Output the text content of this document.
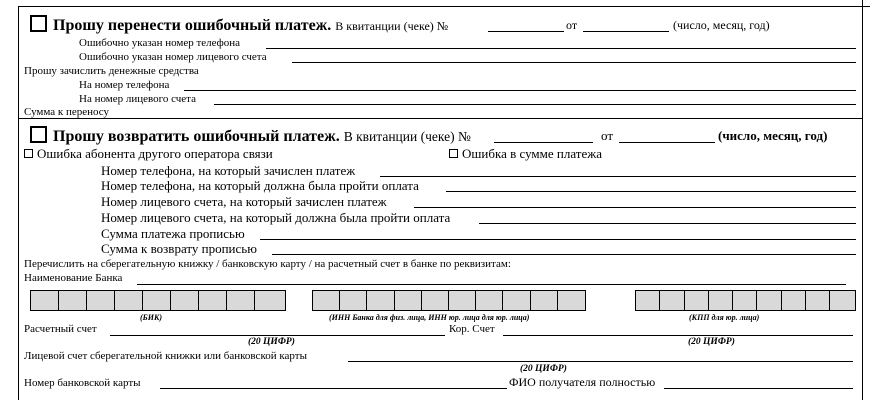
Прошу перенести ошибочный платеж. В квитанции (чеке) №	от	(число, месяц, год)
Ошибочно указан номер телефона
Ошибочно указан номер лицевого счета
Прошу зачислить денежные средства
На номер телефона
На номер лицевого счета
Сумма к переносу
Прошу возвратить ошибочный платеж. В квитанции (чеке) №	от	(число, месяц, год)
Ошибка абонента другого оператора связи	Ошибка в сумме платежа
Номер телефона, на который зачислен платеж
Номер телефона, на который должна была пройти оплата
Номер лицевого счета, на который зачислен платеж
Номер лицевого счета, на который должна была пройти оплата
Сумма платежа прописью
Сумма к возврату прописью
Перечислить на сберегательную книжку / банковскую карту / на расчетный счет в банке по реквизитам:
Наименование Банка
(БИК)	(ИНН Банка для физ. лица, ИНН юр. лица для юр. лица)	(КПП для юр. лица)
Расчетный счет	Кор. Счет
(20 ЦИФР)	(20 ЦИФР)
Лицевой счет сберегательной книжки или банковской карты
(20 ЦИФР)
Номер банковской карты	ФИО получателя полностью
